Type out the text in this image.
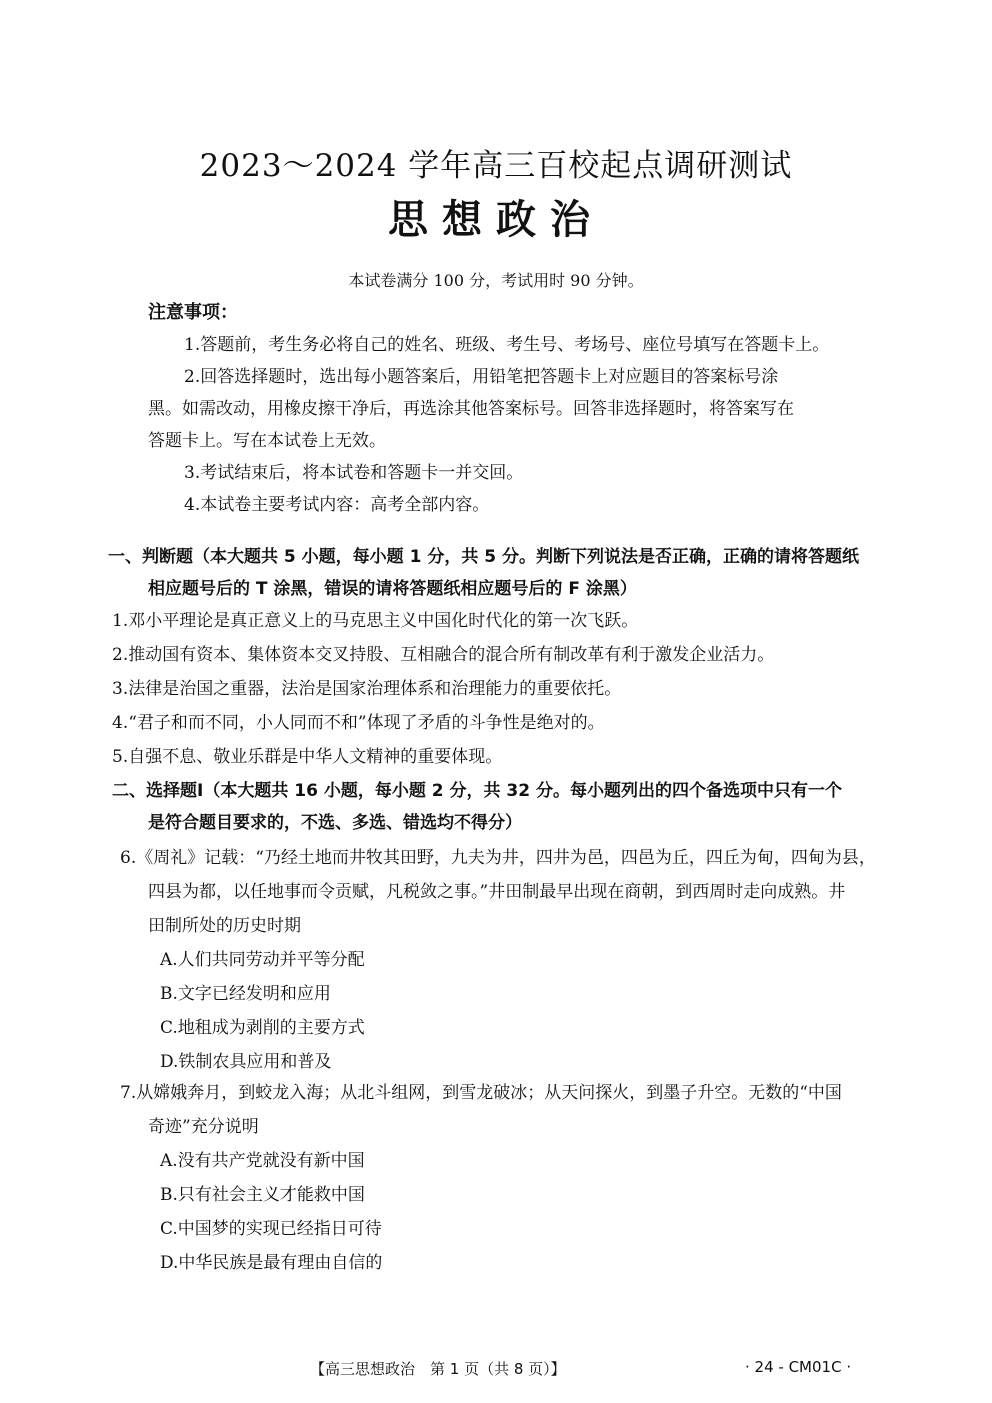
2023～2024 学年高三百校起点调研测试
思想政治
本试卷满分 100 分，考试用时 90 分钟。
注意事项：
1.答题前，考生务必将自己的姓名、班级、考生号、考场号、座位号填写在答题卡上。
2.回答选择题时，选出每小题答案后，用铅笔把答题卡上对应题目的答案标号涂
黑。如需改动，用橡皮擦干净后，再选涂其他答案标号。回答非选择题时，将答案写在
答题卡上。写在本试卷上无效。
3.考试结束后，将本试卷和答题卡一并交回。
4.本试卷主要考试内容：高考全部内容。
一、判断题（本大题共 5 小题，每小题 1 分，共 5 分。判断下列说法是否正确，正确的请将答题纸
相应题号后的 T 涂黑，错误的请将答题纸相应题号后的 F 涂黑）
1.邓小平理论是真正意义上的马克思主义中国化时代化的第一次飞跃。
2.推动国有资本、集体资本交叉持股、互相融合的混合所有制改革有利于激发企业活力。
3.法律是治国之重器，法治是国家治理体系和治理能力的重要依托。
4.“君子和而不同，小人同而不和”体现了矛盾的斗争性是绝对的。
5.自强不息、敬业乐群是中华人文精神的重要体现。
二、选择题Ⅰ（本大题共 16 小题，每小题 2 分，共 32 分。每小题列出的四个备选项中只有一个
是符合题目要求的，不选、多选、错选均不得分）
6.《周礼》记载：“乃经土地而井牧其田野，九夫为井，四井为邑，四邑为丘，四丘为甸，四甸为县，
四县为都，以任地事而令贡赋，凡税敛之事。”井田制最早出现在商朝，到西周时走向成熟。井
田制所处的历史时期
A.人们共同劳动并平等分配
B.文字已经发明和应用
C.地租成为剥削的主要方式
D.铁制农具应用和普及
7.从嫦娥奔月，到蛟龙入海；从北斗组网，到雪龙破冰；从天问探火，到墨子升空。无数的“中国
奇迹”充分说明
A.没有共产党就没有新中国
B.只有社会主义才能救中国
C.中国梦的实现已经指日可待
D.中华民族是最有理由自信的
【高三思想政治　第 1 页（共 8 页）】	· 24 - CM01C ·
